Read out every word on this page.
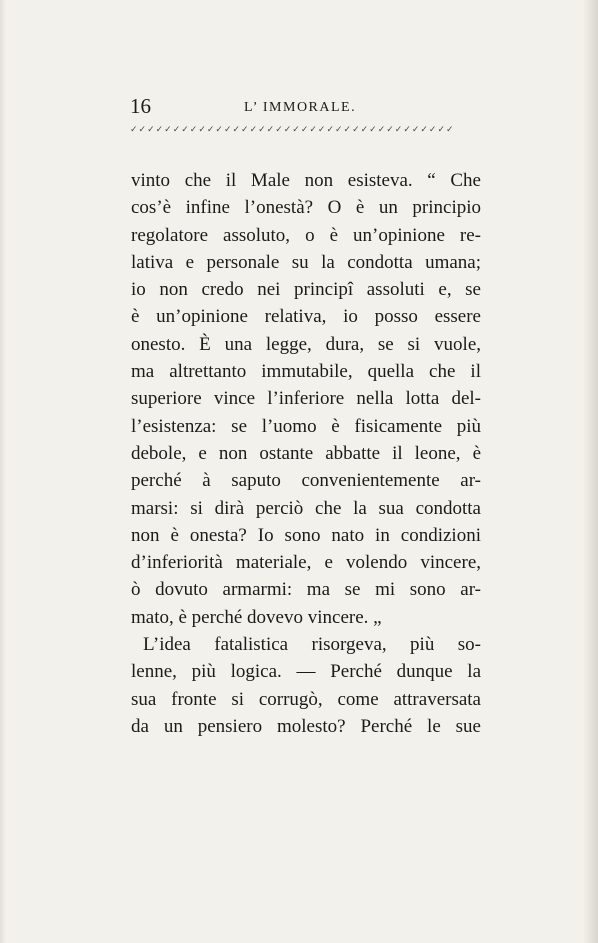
16	L’ IMMORALE.
✓✓✓✓✓✓✓✓✓✓✓✓✓✓✓✓✓✓✓✓✓✓✓✓✓✓✓✓✓✓✓✓✓✓✓✓✓✓
vinto che il Male non esisteva. “ Che
cos’è infine l’onestà? O è un principio
regolatore assoluto, o è un’opinione re-
lativa e personale su la condotta umana;
io non credo nei principî assoluti e, se
è un’opinione relativa, io posso essere
onesto. È una legge, dura, se si vuole,
ma altrettanto immutabile, quella che il
superiore vince l’inferiore nella lotta del-
l’esistenza: se l’uomo è fisicamente più
debole, e non ostante abbatte il leone, è
perché à saputo convenientemente ar-
marsi: si dirà perciò che la sua condotta
non è onesta? Io sono nato in condizioni
d’inferiorità materiale, e volendo vincere,
ò dovuto armarmi: ma se mi sono ar-
mato, è perché dovevo vincere. „
L’idea fatalistica risorgeva, più so-
lenne, più logica. — Perché dunque la
sua fronte si corrugò, come attraversata
da un pensiero molesto? Perché le sue
